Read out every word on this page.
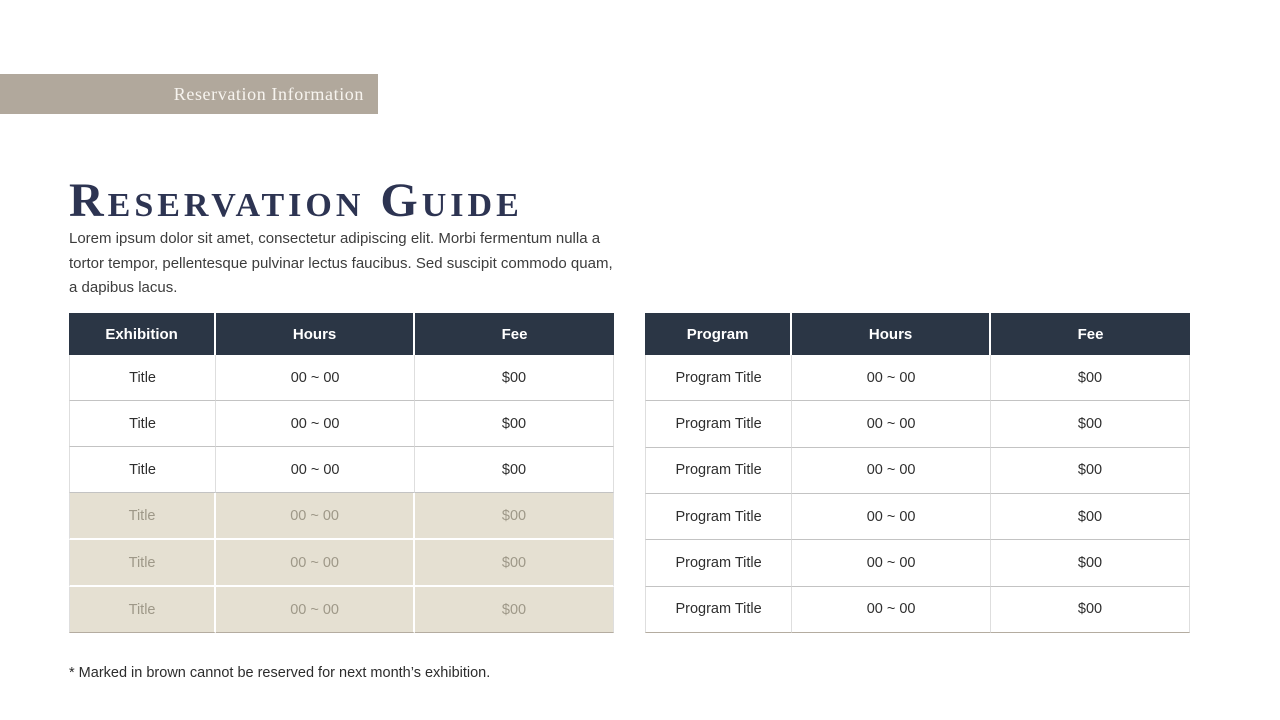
Reservation Information
Reservation Guide

Lorem ipsum dolor sit amet, consectetur adipiscing elit. Morbi fermentum nulla a tortor tempor, pellentesque pulvinar lectus faucibus. Sed suscipit commodo quam, a dapibus lacus.

Exhibition	Hours	Fee
Title	00 ~ 00	$00
Title	00 ~ 00	$00
Title	00 ~ 00	$00
Title	00 ~ 00	$00
Title	00 ~ 00	$00
Title	00 ~ 00	$00
Program	Hours	Fee
Program Title	00 ~ 00	$00
Program Title	00 ~ 00	$00
Program Title	00 ~ 00	$00
Program Title	00 ~ 00	$00
Program Title	00 ~ 00	$00
Program Title	00 ~ 00	$00

* Marked in brown cannot be reserved for next month’s exhibition.
